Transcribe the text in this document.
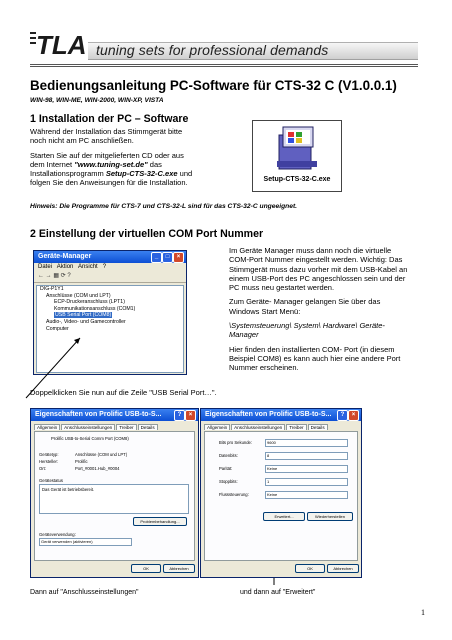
TLA tuning sets for professional demands
Bedienungsanleitung PC-Software für CTS-32 C (V1.0.0.1)
WIN-98, WIN-ME, WIN-2000, WIN-XP, VISTA
1 Installation der PC – Software
Während der Installation das Stimmgerät bitte
noch nicht am PC anschließen.
Starten Sie auf der mitgelieferten CD oder aus
dem Internet "www.tuning-set.de" das
Installationsprogramm Setup-CTS-32-C.exe und
folgen Sie den Anweisungen für die Installation.	Setup-CTS-32-C.exe
Hinweis: Die Programme für CTS-7 und CTS-32-L sind für das CTS-32-C ungeeignet.
2 Einstellung der virtuellen COM Port Nummer
Im Geräte Manager muss dann noch die virtuelle
COM-Port Nummer eingestellt werden. Wichtig: Das
Stimmgerät muss dazu vorher mit dem USB-Kabel an
einem USB-Port des PC angeschlossen sein und der
PC muss neu gestartet werden.
Zum Geräte- Manager gelangen Sie über das
Windows Start Menü:
\Systemsteuerung\ System\ Hardware\ Geräte-
Manager
Hier finden den installierten COM- Port (in diesem
Beispiel COM8) es kann auch hier eine andere Port
Nummer erscheinen.
Geräte-Manager	_	□	×
Datei Aktion Ansicht ?
← → ▦ ⟳ ?
DIG-P1Y1
Anschlüsse (COM und LPT)
ECP-Druckeranschluss (LPT1)
Kommunikationsanschluss (COM1)
USB Serial Port (COM8)
Audio-, Video- und Gamecontroller
Computer
Doppelklicken Sie nun auf die Zeile "USB Serial Port…".
Eigenschaften von Prolific USB-to-S...	?	×
Allgemein Anschlusseinstellungen Treiber Details
Prolific USB-to-Serial Comm Port (COM8)
Gerätetyp:	Anschlüsse (COM und LPT)
Hersteller:	Prolific
Ort:	Port_#0001.Hub_#0004
Gerätestatus
Das Gerät ist betriebsbereit.
Problembehandlung...
Geräteverwendung:
Gerät verwenden (aktivieren)
OK	Abbrechen
Eigenschaften von Prolific USB-to-S...	?	×
Allgemein Anschlusseinstellungen Treiber Details
Bits pro Sekunde:	9600
Datenbits:	8
Parität:	Keine
Stoppbits:	1
Flusssteuerung:	Keine
Erweitert...	Wiederherstellen
OK	Abbrechen
Dann auf "Anschlusseinstellungen"	und dann auf "Erweitert"
1
